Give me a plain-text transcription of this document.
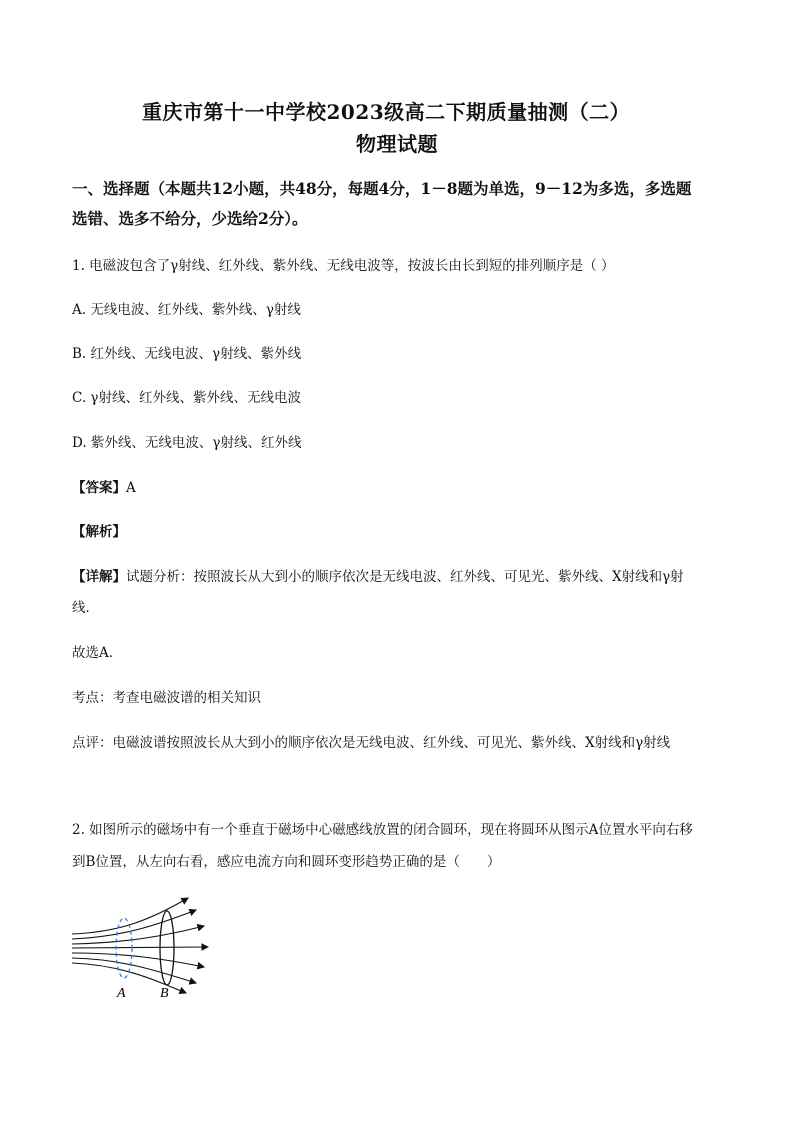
重庆市第十一中学校2023级高二下期质量抽测（二）
物理试题
一、选择题（本题共12小题，共48分，每题4分，1－8题为单选，9－12为多选，多选题
选错、选多不给分，少选给2分）。
1. 电磁波包含了γ射线、红外线、紫外线、无线电波等，按波长由长到短的排列顺序是（ ）
A. 无线电波、红外线、紫外线、γ射线
B. 红外线、无线电波、γ射线、紫外线
C. γ射线、红外线、紫外线、无线电波
D. 紫外线、无线电波、γ射线、红外线
【答案】A
【解析】
【详解】试题分析：按照波长从大到小的顺序依次是无线电波、红外线、可见光、紫外线、X射线和γ射
线．
故选A．
考点：考查电磁波谱的相关知识
点评：电磁波谱按照波长从大到小的顺序依次是无线电波、红外线、可见光、紫外线、X射线和γ射线
2. 如图所示的磁场中有一个垂直于磁场中心磁感线放置的闭合圆环，现在将圆环从图示A位置水平向右移
到B位置，从左向右看，感应电流方向和圆环变形趋势正确的是（　　）
A B
